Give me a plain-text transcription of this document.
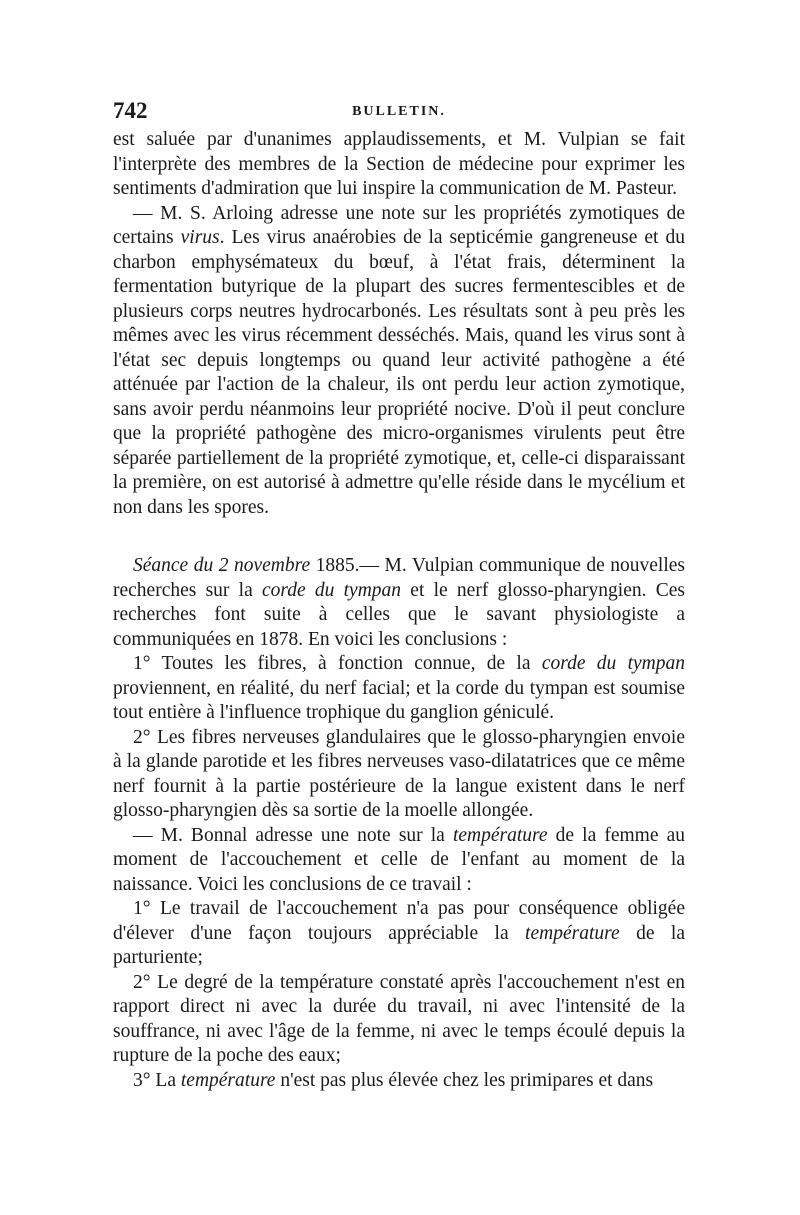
742	BULLETIN.

est saluée par d'unanimes applaudissements, et M. Vulpian se fait l'interprète des membres de la Section de médecine pour exprimer les sentiments d'admiration que lui inspire la communication de M. Pasteur.

— M. S. Arloing adresse une note sur les propriétés zymotiques de certains virus. Les virus anaérobies de la septicémie gangreneuse et du charbon emphysémateux du bœuf, à l'état frais, déterminent la fermentation butyrique de la plupart des sucres fermentescibles et de plusieurs corps neutres hydrocarbonés. Les résultats sont à peu près les mêmes avec les virus récemment desséchés. Mais, quand les virus sont à l'état sec depuis longtemps ou quand leur activité pathogène a été atténuée par l'action de la chaleur, ils ont perdu leur action zymotique, sans avoir perdu néanmoins leur propriété nocive. D'où il peut conclure que la propriété pathogène des micro-organismes virulents peut être séparée partiellement de la propriété zymotique, et, celle-ci disparaissant la première, on est autorisé à admettre qu'elle réside dans le mycélium et non dans les spores.

Séance du 2 novembre 1885.— M. Vulpian communique de nouvelles recherches sur la corde du tympan et le nerf glosso-pharyngien. Ces recherches font suite à celles que le savant physiologiste a communiquées en 1878. En voici les conclusions :

1° Toutes les fibres, à fonction connue, de la corde du tympan proviennent, en réalité, du nerf facial; et la corde du tympan est soumise tout entière à l'influence trophique du ganglion géniculé.

2° Les fibres nerveuses glandulaires que le glosso-pharyngien envoie à la glande parotide et les fibres nerveuses vaso-dilatatrices que ce même nerf fournit à la partie postérieure de la langue existent dans le nerf glosso-pharyngien dès sa sortie de la moelle allongée.

— M. Bonnal adresse une note sur la température de la femme au moment de l'accouchement et celle de l'enfant au moment de la naissance. Voici les conclusions de ce travail :

1° Le travail de l'accouchement n'a pas pour conséquence obligée d'élever d'une façon toujours appréciable la température de la parturiente;

2° Le degré de la température constaté après l'accouchement n'est en rapport direct ni avec la durée du travail, ni avec l'intensité de la souffrance, ni avec l'âge de la femme, ni avec le temps écoulé depuis la rupture de la poche des eaux;

3° La température n'est pas plus élevée chez les primipares et dans
